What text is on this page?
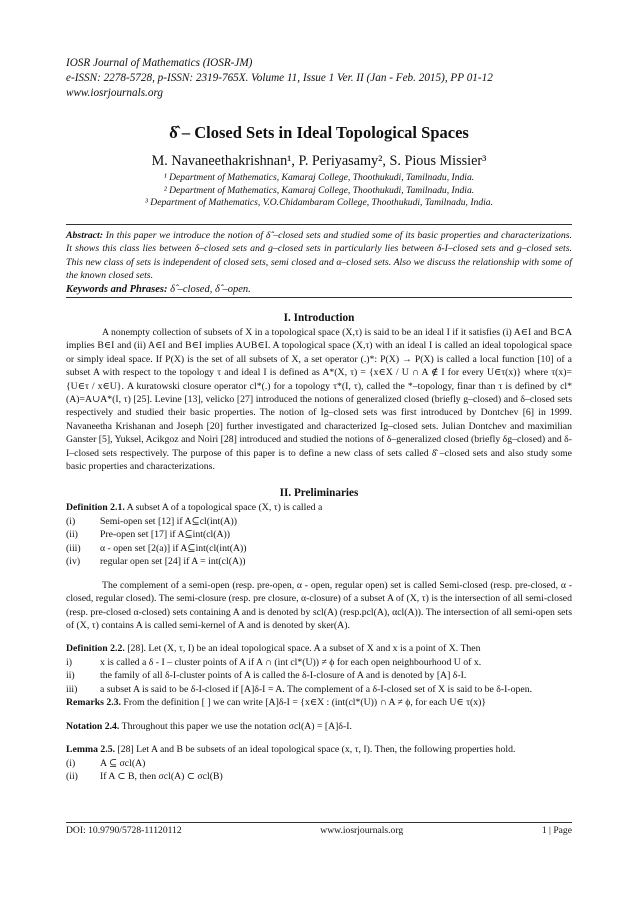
IOSR Journal of Mathematics (IOSR-JM)
e-ISSN: 2278-5728, p-ISSN: 2319-765X. Volume 11, Issue 1 Ver. II (Jan - Feb. 2015), PP 01-12
www.iosrjournals.org
δ̂ – Closed Sets in Ideal Topological Spaces
M. Navaneethakrishnan¹, P. Periyasamy², S. Pious Missier³
¹ Department of Mathematics, Kamaraj College, Thoothukudi, Tamilnadu, India.
² Department of Mathematics, Kamaraj College, Thoothukudi, Tamilnadu, India.
³ Department of Mathematics, V.O.Chidambaram College, Thoothukudi, Tamilnadu, India.
Abstract: In this paper we introduce the notion of δ̂ –closed sets and studied some of its basic properties and characterizations. It shows this class lies between δ–closed sets and g–closed sets in particularly lies between δ-I–closed sets and g–closed sets. This new class of sets is independent of closed sets, semi closed and α–closed sets. Also we discuss the relationship with some of the known closed sets.
Keywords and Phrases: δ̂ –closed, δ̂ –open.
I. Introduction
A nonempty collection of subsets of X in a topological space (X,τ) is said to be an ideal I if it satisfies (i) A∈I and B⊂A implies B∈I and (ii) A∈I and B∈I implies A∪B∈I. A topological space (X,τ) with an ideal I is called an ideal topological space or simply ideal space. If P(X) is the set of all subsets of X, a set operator (.)*: P(X) → P(X) is called a local function [10] of a subset A with respect to the topology τ and ideal I is defined as A*(X, τ) = {x∈X / U ∩ A ∉ I for every U∈τ(x)} where τ(x)={U∈τ / x∈U}. A kuratowski closure operator cl*(.) for a topology τ*(I, τ), called the *–topology, finar than τ is defined by cl*(A)=A∪A*(I, τ) [25]. Levine [13], velicko [27] introduced the notions of generalized closed (briefly g–closed) and δ–closed sets respectively and studied their basic properties. The notion of Ig–closed sets was first introduced by Dontchev [6] in 1999. Navaneetha Krishanan and Joseph [20] further investigated and characterized Ig–closed sets. Julian Dontchev and maximilian Ganster [5], Yuksel, Acikgoz and Noiri [28] introduced and studied the notions of δ–generalized closed (briefly δg–closed) and δ-I–closed sets respectively. The purpose of this paper is to define a new class of sets called δ̂ –closed sets and also study some basic properties and characterizations.
II. Preliminaries
Definition 2.1. A subset A of a topological space (X, τ) is called a
(i)	Semi-open set [12] if A⊆cl(int(A))
(ii)	Pre-open set [17] if A⊆int(cl(A))
(iii)	α - open set [2(a)] if A⊆int(cl(int(A))
(iv)	regular open set [24] if A = int(cl(A))
The complement of a semi-open (resp. pre-open, α - open, regular open) set is called Semi-closed (resp. pre-closed, α - closed, regular closed). The semi-closure (resp. pre closure, α-closure) of a subset A of (X, τ) is the intersection of all semi-closed (resp. pre-closed α-closed) sets containing A and is denoted by scl(A) (resp.pcl(A), αcl(A)). The intersection of all semi-open sets of (X, τ) contains A is called semi-kernel of A and is denoted by sker(A).
Definition 2.2. [28]. Let (X, τ, I) be an ideal topological space. A a subset of X and x is a point of X. Then
i)	x is called a δ - I – cluster points of A if A ∩ (int cl*(U)) ≠ ϕ for each open neighbourhood U of x.
ii)	the family of all δ-I-cluster points of A is called the δ-I-closure of A and is denoted by [A] δ-I.
iii)	a subset A is said to be δ-I-closed if [A]δ-I = A. The complement of a δ-I-closed set of X is said to be δ-I-open.
Remarks 2.3. From the definition [ ] we can write [A]δ-I = {x∈X : (int(cl*(U)) ∩ A ≠ ϕ, for each U∈ τ(x)}
Notation 2.4. Throughout this paper we use the notation σcl(A) = [A]δ-I.
Lemma 2.5. [28] Let A and B be subsets of an ideal topological space (x, τ, I). Then, the following properties hold.
(i)	A ⊆ σcl(A)
(ii)	If A ⊂ B, then σcl(A) ⊂ σcl(B)
DOI: 10.9790/5728-11120112	www.iosrjournals.org	1 | Page
